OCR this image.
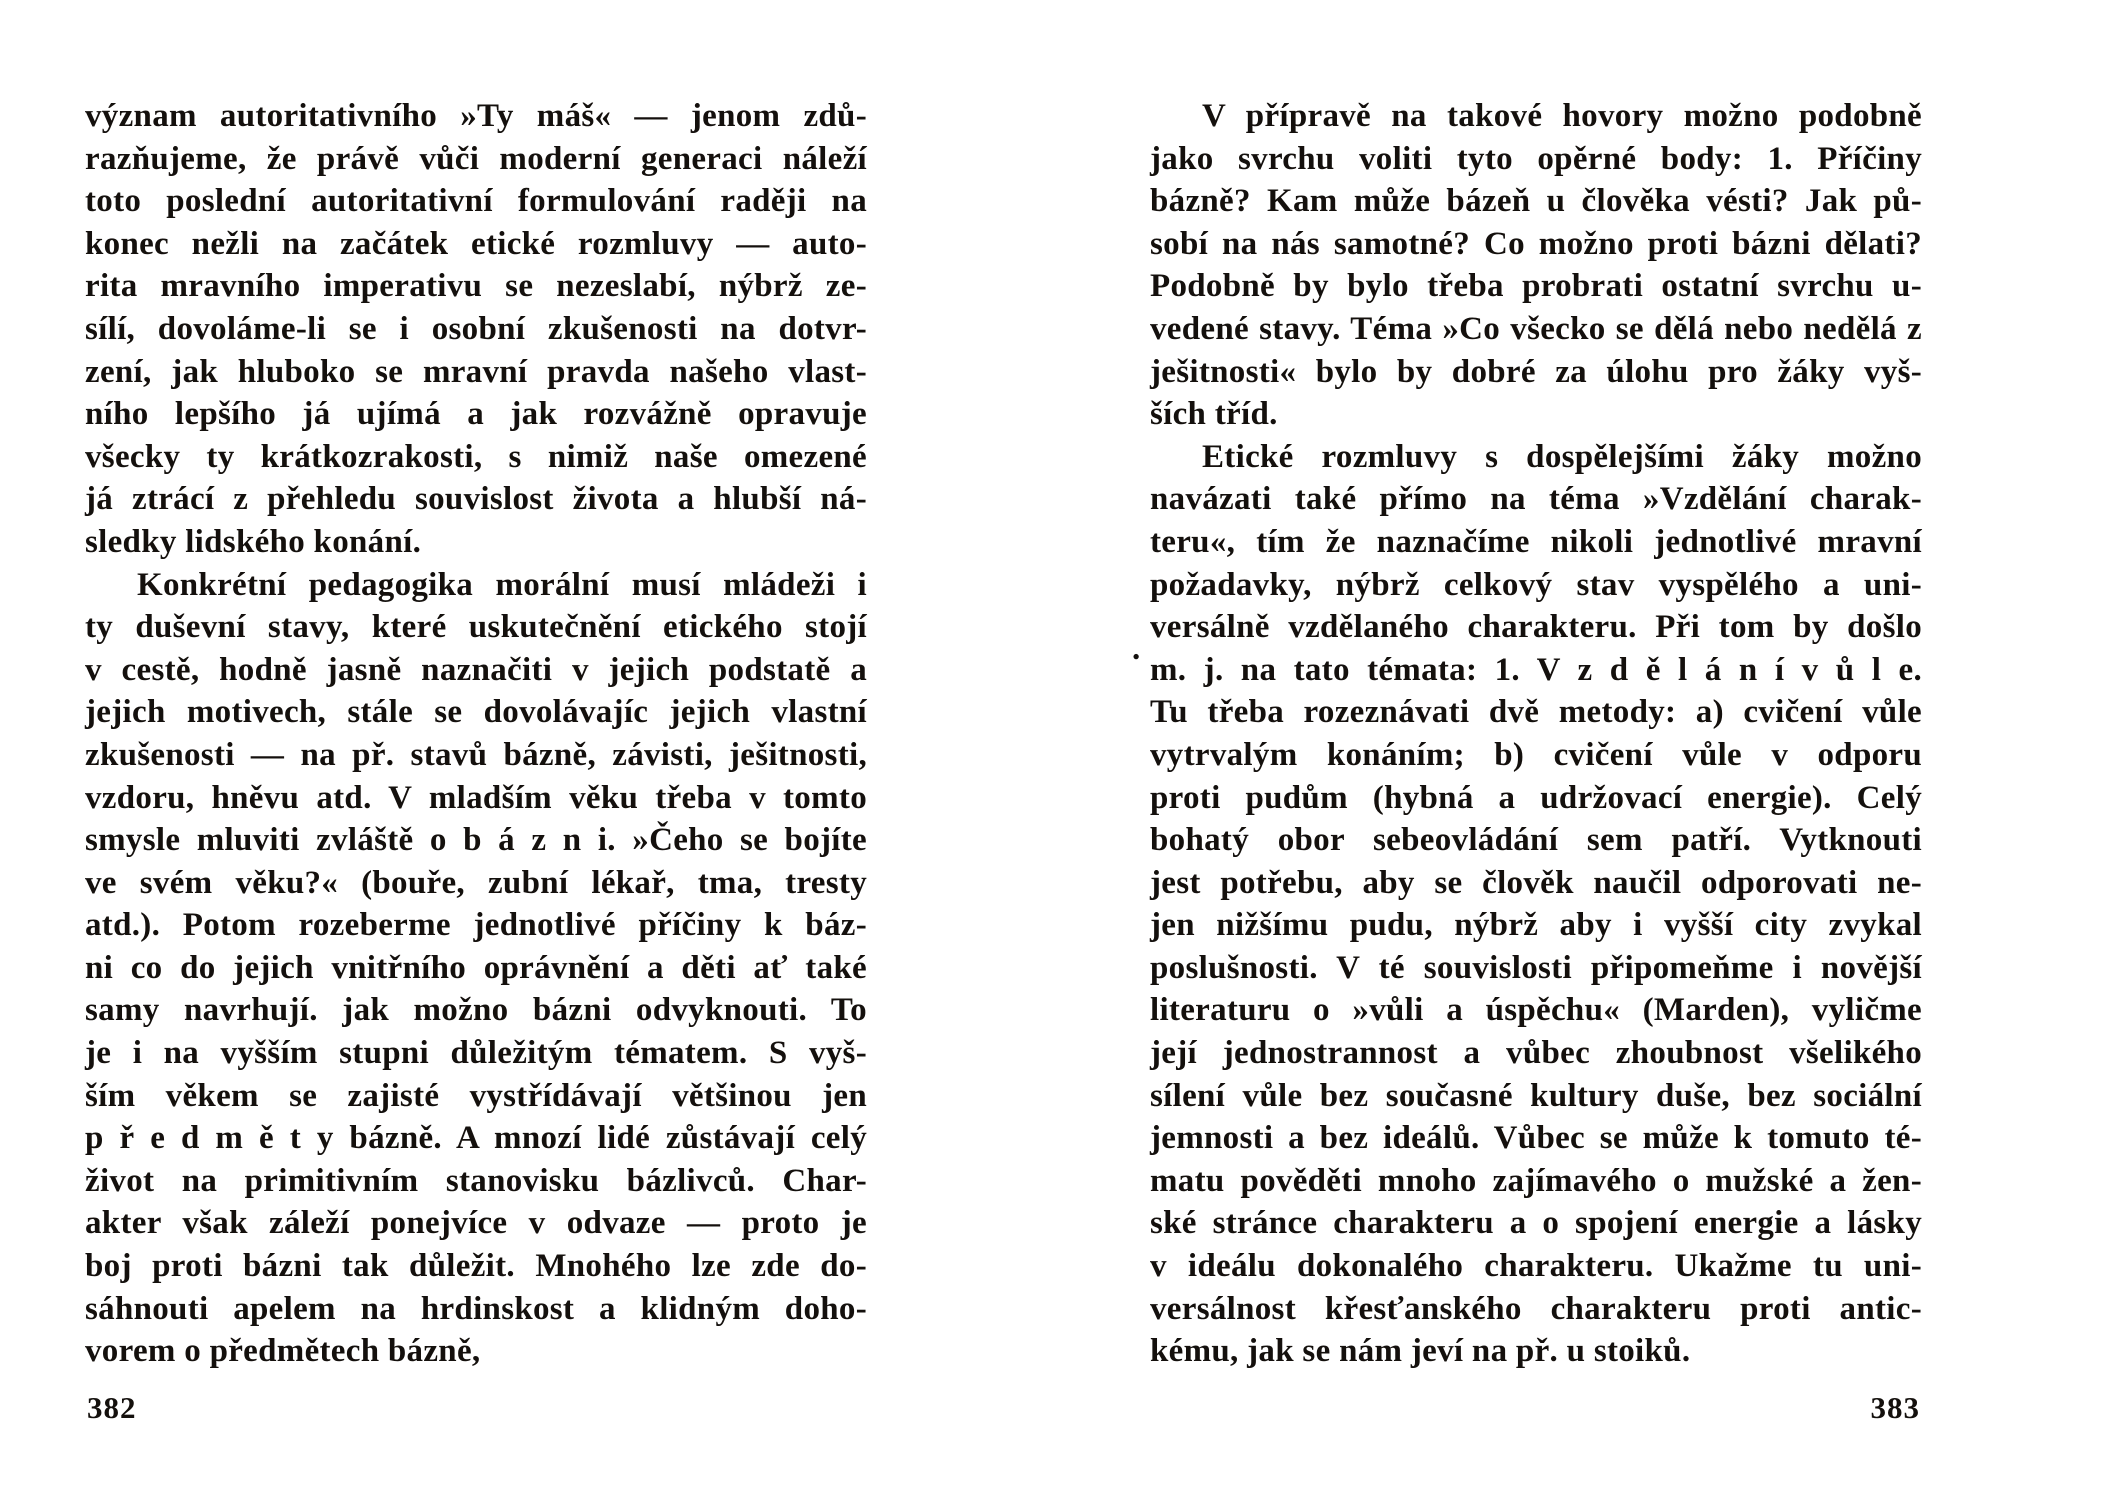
význam autoritativního »Ty máš« — jenom zdů-
razňujeme, že právě vůči moderní generaci náleží
toto poslední autoritativní formulování raději na
konec nežli na začátek etické rozmluvy — auto-
rita mravního imperativu se nezeslabí, nýbrž ze-
sílí, dovoláme-li se i osobní zkušenosti na dotvr-
zení, jak hluboko se mravní pravda našeho vlast-
ního lepšího já ujímá a jak rozvážně opravuje
všecky ty krátkozrakosti, s nimiž naše omezené
já ztrácí z přehledu souvislost života a hlubší ná-
sledky lidského konání.
Konkrétní pedagogika morální musí mládeži i
ty duševní stavy, které uskutečnění etického stojí
v cestě, hodně jasně naznačiti v jejich podstatě a
jejich motivech, stále se dovolávajíc jejich vlastní
zkušenosti — na př. stavů bázně, závisti, ješitnosti,
vzdoru, hněvu atd. V mladším věku třeba v tomto
smysle mluviti zvláště o b á z n i. »Čeho se bojíte
ve svém věku?« (bouře, zubní lékař, tma, tresty
atd.). Potom rozeberme jednotlivé příčiny k báz-
ni co do jejich vnitřního oprávnění a děti ať také
samy navrhují. jak možno bázni odvyknouti. To
je i na vyšším stupni důležitým tématem. S vyš-
ším věkem se zajisté vystřídávají většinou jen
p ř e d m ě t y bázně. A mnozí lidé zůstávají celý
život na primitivním stanovisku bázlivců. Char-
akter však záleží ponejvíce v odvaze — proto je
boj proti bázni tak důležit. Mnohého lze zde do-
sáhnouti apelem na hrdinskost a klidným doho-
vorem o předmětech bázně,
382
.
V přípravě na takové hovory možno podobně
jako svrchu voliti tyto opěrné body: 1. Příčiny
bázně? Kam může bázeň u člověka vésti? Jak pů-
sobí na nás samotné? Co možno proti bázni dělati?
Podobně by bylo třeba probrati ostatní svrchu u-
vedené stavy. Téma »Co všecko se dělá nebo nedělá z
ješitnosti« bylo by dobré za úlohu pro žáky vyš-
ších tříd.
Etické rozmluvy s dospělejšími žáky možno
navázati také přímo na téma »Vzdělání charak-
teru«, tím že naznačíme nikoli jednotlivé mravní
požadavky, nýbrž celkový stav vyspělého a uni-
versálně vzdělaného charakteru. Při tom by došlo
m. j. na tato témata: 1. V z d ě l á n í v ů l e.
Tu třeba rozeznávati dvě metody: a) cvičení vůle
vytrvalým konáním; b) cvičení vůle v odporu
proti pudům (hybná a udržovací energie). Celý
bohatý obor sebeovládání sem patří. Vytknouti
jest potřebu, aby se člověk naučil odporovati ne-
jen nižšímu pudu, nýbrž aby i vyšší city zvykal
poslušnosti. V té souvislosti připomeňme i novější
literaturu o »vůli a úspěchu« (Marden), vyličme
její jednostrannost a vůbec zhoubnost všelikého
sílení vůle bez současné kultury duše, bez sociální
jemnosti a bez ideálů. Vůbec se může k tomuto té-
matu pověděti mnoho zajímavého o mužské a žen-
ské stránce charakteru a o spojení energie a lásky
v ideálu dokonalého charakteru. Ukažme tu uni-
versálnost křesťanského charakteru proti antic-
kému, jak se nám jeví na př. u stoiků.
383
